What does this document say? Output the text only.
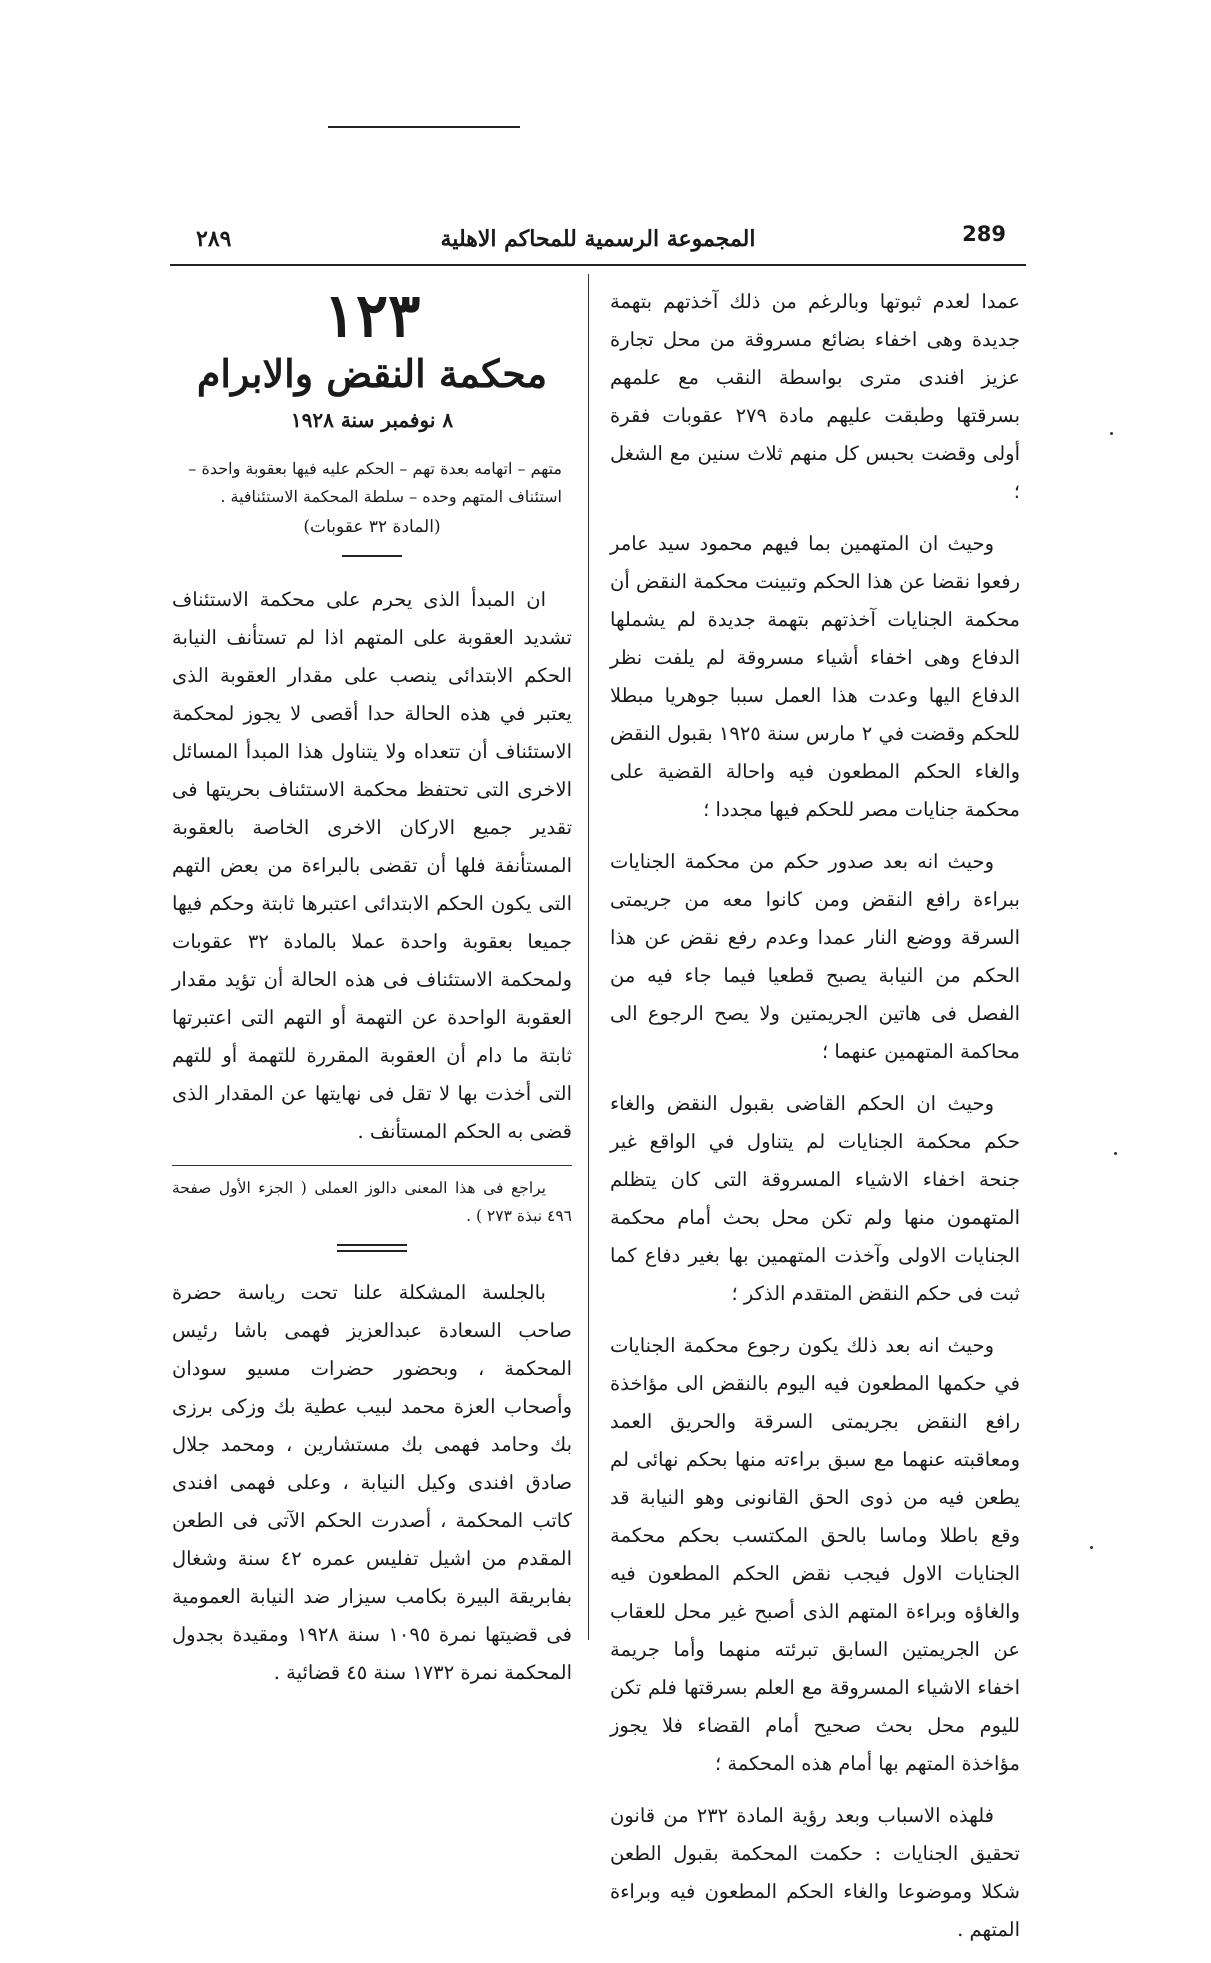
٢٨٩	المجموعة الرسمية للمحاكم الاهلية	289

عمدا لعدم ثبوتها وبالرغم من ذلك آخذتهم بتهمة جديدة وهى اخفاء بضائع مسروقة من محل تجارة عزيز افندى مترى بواسطة النقب مع علمهم بسرقتها وطبقت عليهم مادة ٢٧٩ عقوبات فقرة أولى وقضت بحبس كل منهم ثلاث سنين مع الشغل ؛

وحيث ان المتهمين بما فيهم محمود سيد عامر رفعوا نقضا عن هذا الحكم وتبينت محكمة النقض أن محكمة الجنايات آخذتهم بتهمة جديدة لم يشملها الدفاع وهى اخفاء أشياء مسروقة لم يلفت نظر الدفاع اليها وعدت هذا العمل سببا جوهريا مبطلا للحكم وقضت في ٢ مارس سنة ١٩٢٥ بقبول النقض والغاء الحكم المطعون فيه واحالة القضية على محكمة جنايات مصر للحكم فيها مجددا ؛

وحيث انه بعد صدور حكم من محكمة الجنايات ببراءة رافع النقض ومن كانوا معه من جريمتى السرقة ووضع النار عمدا وعدم رفع نقض عن هذا الحكم من النيابة يصبح قطعيا فيما جاء فيه من الفصل فى هاتين الجريمتين ولا يصح الرجوع الى محاكمة المتهمين عنهما ؛

وحيث ان الحكم القاضى بقبول النقض والغاء حكم محكمة الجنايات لم يتناول في الواقع غير جنحة اخفاء الاشياء المسروقة التى كان يتظلم المتهمون منها ولم تكن محل بحث أمام محكمة الجنايات الاولى وآخذت المتهمين بها بغير دفاع كما ثبت فى حكم النقض المتقدم الذكر ؛

وحيث انه بعد ذلك يكون رجوع محكمة الجنايات في حكمها المطعون فيه اليوم بالنقض الى مؤاخذة رافع النقض بجريمتى السرقة والحريق العمد ومعاقبته عنهما مع سبق براءته منها بحكم نهائى لم يطعن فيه من ذوى الحق القانونى وهو النيابة قد وقع باطلا وماسا بالحق المكتسب بحكم محكمة الجنايات الاول فيجب نقض الحكم المطعون فيه والغاؤه وبراءة المتهم الذى أصبح غير محل للعقاب عن الجريمتين السابق تبرئته منهما وأما جريمة اخفاء الاشياء المسروقة مع العلم بسرقتها فلم تكن لليوم محل بحث صحيح أمام القضاء فلا يجوز مؤاخذة المتهم بها أمام هذه المحكمة ؛

فلهذه الاسباب وبعد رؤية المادة ٢٣٢ من قانون تحقيق الجنايات : حكمت المحكمة بقبول الطعن شكلا وموضوعا والغاء الحكم المطعون فيه وبراءة المتهم .

١٢٣
محكمة النقض والابرام
٨ نوفمبر سنة ١٩٢٨
متهم – اتهامه بعدة تهم – الحكم عليه فيها بعقوبة واحدة – استئناف المتهم وحده – سلطة المحكمة الاستئنافية .
(المادة ٣٢ عقوبات)

ان المبدأ الذى يحرم على محكمة الاستئناف تشديد العقوبة على المتهم اذا لم تستأنف النيابة الحكم الابتدائى ينصب على مقدار العقوبة الذى يعتبر في هذه الحالة حدا أقصى لا يجوز لمحكمة الاستئناف أن تتعداه ولا يتناول هذا المبدأ المسائل الاخرى التى تحتفظ محكمة الاستئناف بحريتها فى تقدير جميع الاركان الاخرى الخاصة بالعقوبة المستأنفة فلها أن تقضى بالبراءة من بعض التهم التى يكون الحكم الابتدائى اعتبرها ثابتة وحكم فيها جميعا بعقوبة واحدة عملا بالمادة ٣٢ عقوبات ولمحكمة الاستئناف فى هذه الحالة أن تؤيد مقدار العقوبة الواحدة عن التهمة أو التهم التى اعتبرتها ثابتة ما دام أن العقوبة المقررة للتهمة أو للتهم التى أخذت بها لا تقل فى نهايتها عن المقدار الذى قضى به الحكم المستأنف .

يراجع فى هذا المعنى دالوز العملى ( الجزء الأول صفحة ٤٩٦ نبذة ٢٧٣ ) .

بالجلسة المشكلة علنا تحت رياسة حضرة صاحب السعادة عبدالعزيز فهمى باشا رئيس المحكمة ، وبحضور حضرات مسيو سودان وأصحاب العزة محمد لبيب عطية بك وزكى برزى بك وحامد فهمى بك مستشارين ، ومحمد جلال صادق افندى وكيل النيابة ، وعلى فهمى افندى كاتب المحكمة ، أصدرت الحكم الآتى فى الطعن المقدم من اشيل تفليس عمره ٤٢ سنة وشغال بفابريقة البيرة بكامب سيزار ضد النيابة العمومية فى قضيتها نمرة ١٠٩٥ سنة ١٩٢٨ ومقيدة بجدول المحكمة نمرة ١٧٣٢ سنة ٤٥ قضائية .
